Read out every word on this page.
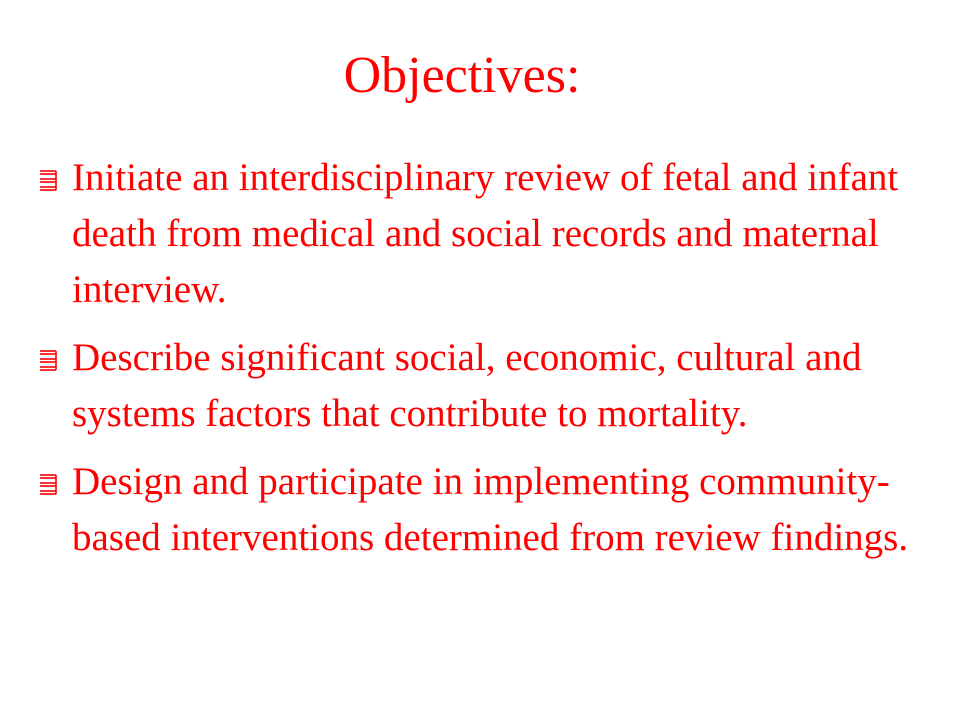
Objectives:
Initiate an interdisciplinary review of fetal and infant death from medical and social records and maternal interview.
Describe significant social, economic, cultural and systems factors that contribute to mortality.
Design and participate in implementing community-based interventions determined from review findings.
